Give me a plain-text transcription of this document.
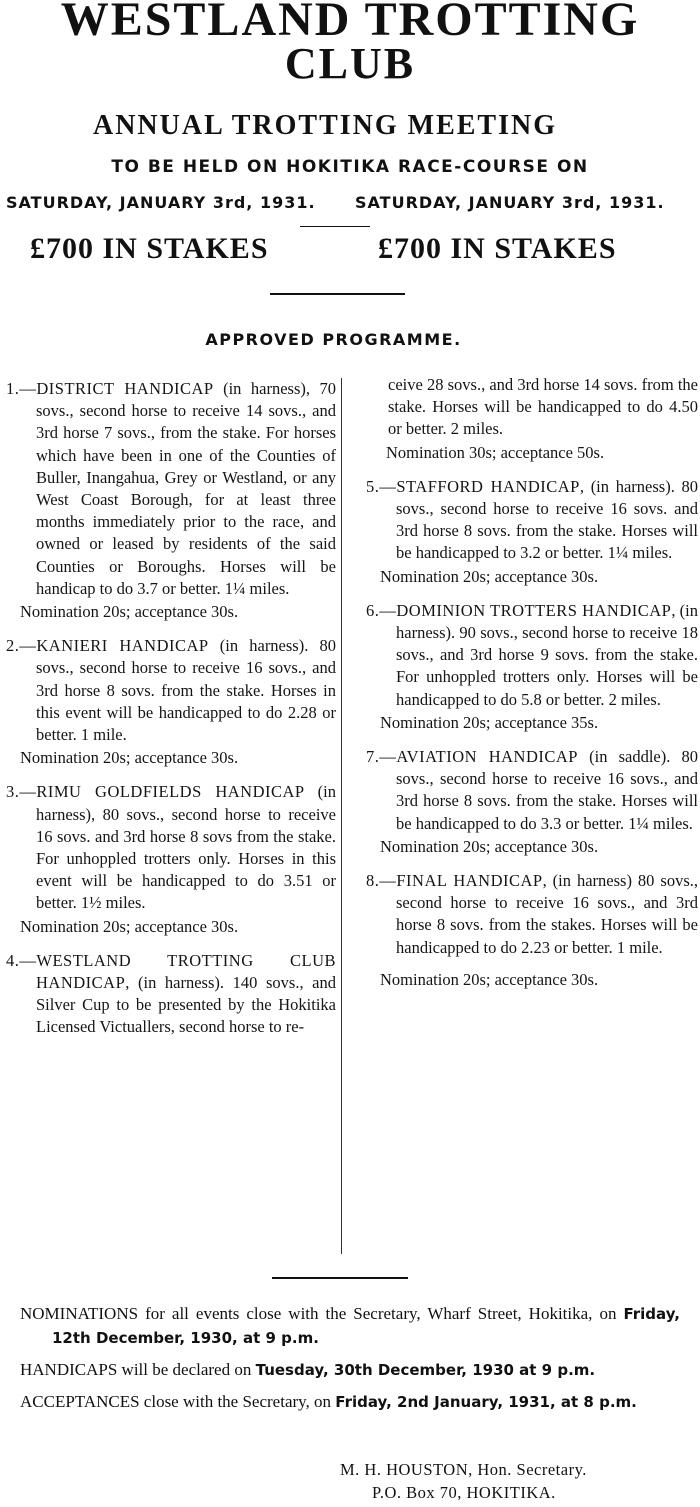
WESTLAND TROTTING
CLUB
ANNUAL TROTTING MEETING
TO BE HELD ON HOKITIKA RACE-COURSE ON
SATURDAY, JANUARY 3rd, 1931. SATURDAY, JANUARY 3rd, 1931.
£700 IN STAKES	£700 IN STAKES
APPROVED PROGRAMME.
1.—DISTRICT HANDICAP (in harness), 70 sovs., second horse to receive 14 sovs., and 3rd horse 7 sovs., from the stake. For horses which have been in one of the Counties of Buller, Inangahua, Grey or Westland, or any West Coast Borough, for at least three months immediately prior to the race, and owned or leased by residents of the said Counties or Boroughs. Horses will be handicap to do 3.7 or better. 1¼ miles.
Nomination 20s; acceptance 30s.
2.—KANIERI HANDICAP (in harness). 80 sovs., second horse to receive 16 sovs., and 3rd horse 8 sovs. from the stake. Horses in this event will be handicapped to do 2.28 or better. 1 mile.
Nomination 20s; acceptance 30s.
3.—RIMU GOLDFIELDS HANDICAP (in harness), 80 sovs., second horse to receive 16 sovs. and 3rd horse 8 sovs from the stake. For unhoppled trotters only. Horses in this event will be handicapped to do 3.51 or better. 1½ miles.
Nomination 20s; acceptance 30s.
4.—WESTLAND TROTTING CLUB HANDICAP, (in harness). 140 sovs., and Silver Cup to be presented by the Hokitika Licensed Victuallers, second horse to re-
ceive 28 sovs., and 3rd horse 14 sovs. from the stake. Horses will be handicapped to do 4.50 or better. 2 miles.
Nomination 30s; acceptance 50s.
5.—STAFFORD HANDICAP, (in harness). 80 sovs., second horse to receive 16 sovs. and 3rd horse 8 sovs. from the stake. Horses will be handicapped to 3.2 or better. 1¼ miles.
Nomination 20s; acceptance 30s.
6.—DOMINION TROTTERS HANDICAP, (in harness). 90 sovs., second horse to receive 18 sovs., and 3rd horse 9 sovs. from the stake. For unhoppled trotters only. Horses will be handicapped to do 5.8 or better. 2 miles.
Nomination 20s; acceptance 35s.
7.—AVIATION HANDICAP (in saddle). 80 sovs., second horse to receive 16 sovs., and 3rd horse 8 sovs. from the stake. Horses will be handicapped to do 3.3 or better. 1¼ miles.
Nomination 20s; acceptance 30s.
8.—FINAL HANDICAP, (in harness) 80 sovs., second horse to receive 16 sovs., and 3rd horse 8 sovs. from the stakes. Horses will be handicapped to do 2.23 or better. 1 mile.
Nomination 20s; acceptance 30s.
NOMINATIONS for all events close with the Secretary, Wharf Street, Hokitika, on Friday, 12th December, 1930, at 9 p.m.
HANDICAPS will be declared on Tuesday, 30th December, 1930 at 9 p.m.
ACCEPTANCES close with the Secretary, on Friday, 2nd January, 1931, at 8 p.m.
M. H. HOUSTON, Hon. Secretary.
P.O. Box 70, HOKITIKA.
